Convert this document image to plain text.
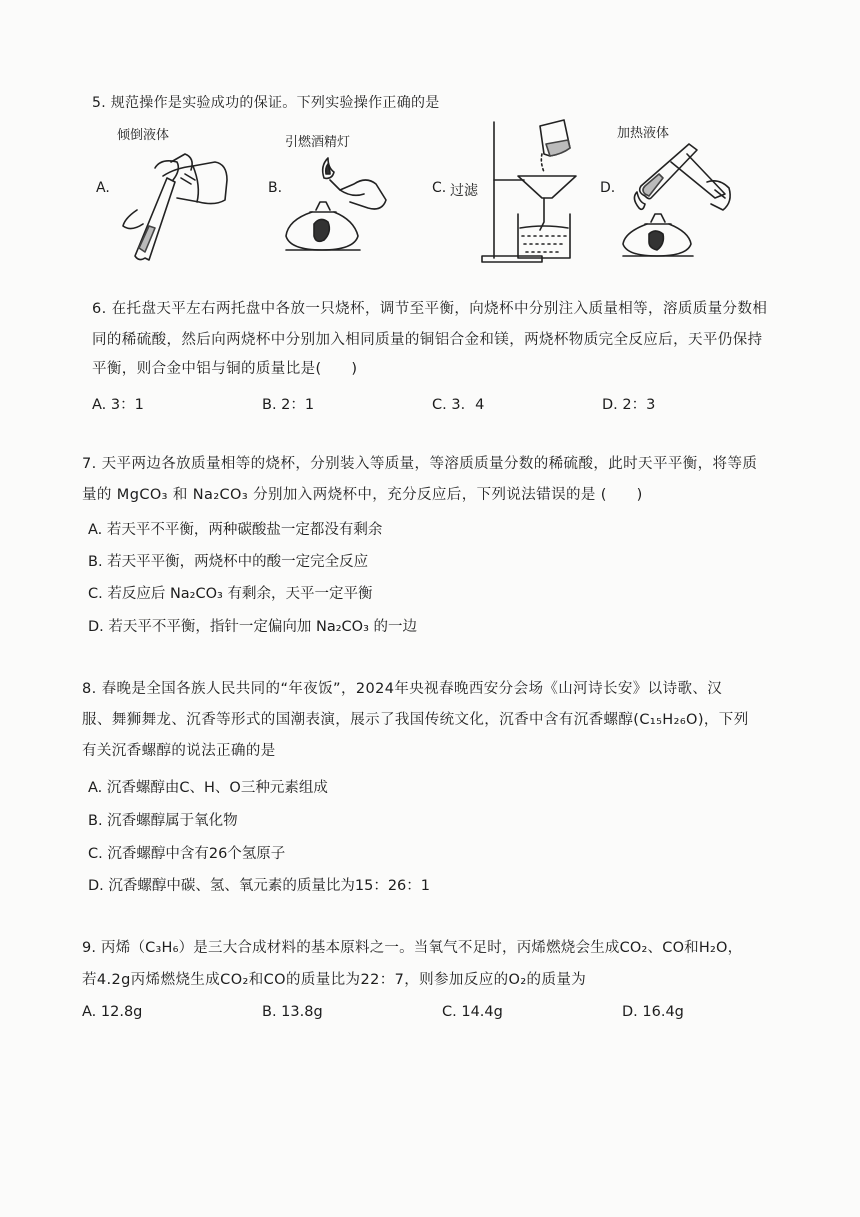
5. 规范操作是实验成功的保证。下列实验操作正确的是
倾倒液体
A.
引燃酒精灯
B.	C. 过滤
加热液体
D.
6. 在托盘天平左右两托盘中各放一只烧杯，调节至平衡，向烧杯中分别注入质量相等，溶质质量分数相
同的稀硫酸，然后向两烧杯中分别加入相同质量的铜铝合金和镁，两烧杯物质完全反应后，天平仍保持
平衡，则合金中铝与铜的质量比是(　　)
A. 3：1	B. 2：1	C. 3．4	D. 2：3
7. 天平两边各放质量相等的烧杯，分别装入等质量，等溶质质量分数的稀硫酸，此时天平平衡，将等质
量的 MgCO₃ 和 Na₂CO₃ 分别加入两烧杯中，充分反应后，下列说法错误的是 (　　)
A. 若天平不平衡，两种碳酸盐一定都没有剩余
B. 若天平平衡，两烧杯中的酸一定完全反应
C. 若反应后 Na₂CO₃ 有剩余，天平一定平衡
D. 若天平不平衡，指针一定偏向加 Na₂CO₃ 的一边
8. 春晚是全国各族人民共同的“年夜饭”，2024年央视春晚西安分会场《山河诗长安》以诗歌、汉
服、舞狮舞龙、沉香等形式的国潮表演，展示了我国传统文化，沉香中含有沉香螺醇(C₁₅H₂₆O)，下列
有关沉香螺醇的说法正确的是
A. 沉香螺醇由C、H、O三种元素组成
B. 沉香螺醇属于氧化物
C. 沉香螺醇中含有26个氢原子
D. 沉香螺醇中碳、氢、氧元素的质量比为15：26：1
9. 丙烯（C₃H₆）是三大合成材料的基本原料之一。当氧气不足时，丙烯燃烧会生成CO₂、CO和H₂O，
若4.2g丙烯燃烧生成CO₂和CO的质量比为22：7，则参加反应的O₂的质量为
A. 12.8g	B. 13.8g	C. 14.4g	D. 16.4g
